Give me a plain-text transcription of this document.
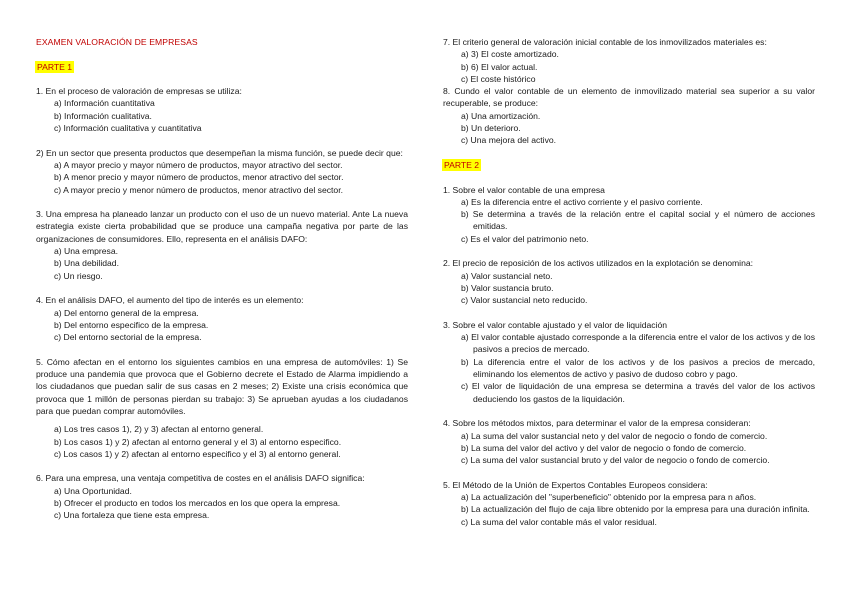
EXAMEN VALORACIÓN DE EMPRESAS
PARTE 1
1. En el proceso de valoración de empresas se utiliza:
a) Información cuantitativa
b) Información cualitativa.
c) Información cualitativa y cuantitativa
2) En un sector que presenta productos que desempeñan la misma función, se puede decir que:
a) A mayor precio y mayor número de productos, mayor atractivo del sector.
b) A menor precio y mayor número de productos, menor atractivo del sector.
c) A mayor precio y menor número de productos, menor atractivo del sector.
3. Una empresa ha planeado lanzar un producto con el uso de un nuevo material. Ante La nueva estrategia existe cierta probabilidad que se produce una campaña negativa por parte de las organizaciones de consumidores. Ello, representa en el análisis DAFO:
a) Una empresa.
b) Una debilidad.
c) Un riesgo.
4. En el análisis DAFO, el aumento del tipo de interés es un elemento:
a) Del entorno general de la empresa.
b) Del entorno especifico de la empresa.
c) Del entorno sectorial de la empresa.
5. Cómo afectan en el entorno los siguientes cambios en una empresa de automóviles: 1) Se produce una pandemia que provoca que el Gobierno decrete el Estado de Alarma impidiendo a los ciudadanos que puedan salir de sus casas en 2 meses; 2) Existe una crisis económica que provoca que 1 millón de personas pierdan su trabajo: 3) Se aprueban ayudas a los ciudadanos para que puedan comprar automóviles.
a) Los tres casos 1), 2) y 3) afectan al entorno general.
b) Los casos 1) y 2) afectan al entorno general y el 3) al entorno especifico.
c) Los casos 1) y 2) afectan al entorno especifico y el 3) al entorno general.
6. Para una empresa, una ventaja competitiva de costes en el análisis DAFO significa:
a) Una Oportunidad.
b) Ofrecer el producto en todos los mercados en los que opera la empresa.
c) Una fortaleza que tiene esta empresa.
7. El criterio general de valoración inicial contable de los inmovilizados materiales es:
a) 3) El coste amortizado.
b) 6) El valor actual.
c) El coste histórico
8. Cundo el valor contable de un elemento de inmovilizado material sea superior a su valor recuperable, se produce:
a) Una amortización.
b) Un deterioro.
c) Una mejora del activo.
PARTE 2
1. Sobre el valor contable de una empresa
a) Es la diferencia entre el activo corriente y el pasivo corriente.
b) Se determina a través de la relación entre el capital social y el número de acciones emitidas.
c) Es el valor del patrimonio neto.
2. El precio de reposición de los activos utilizados en la explotación se denomina:
a) Valor sustancial neto.
b) Valor sustancia bruto.
c) Valor sustancial neto reducido.
3. Sobre el valor contable ajustado y el valor de liquidación
a) El valor contable ajustado corresponde a la diferencia entre el valor de los activos y de los pasivos a precios de mercado.
b) La diferencia entre el valor de los activos y de los pasivos a precios de mercado, eliminando los elementos de activo y pasivo de dudoso cobro y pago.
c) El valor de liquidación de una empresa se determina a través del valor de los activos deduciendo los gastos de la liquidación.
4. Sobre los métodos mixtos, para determinar el valor de la empresa consideran:
a) La suma del valor sustancial neto y del valor de negocio o fondo de comercio.
b) La suma del valor del activo y del valor de negocio o fondo de comercio.
c) La suma del valor sustancial bruto y del valor de negocio o fondo de comercio.
5. El Método de la Unión de Expertos Contables Europeos considera:
a) La actualización del "superbeneficio" obtenido por la empresa para n años.
b) La actualización del flujo de caja libre obtenido por la empresa para una duración infinita.
c) La suma del valor contable más el valor residual.
